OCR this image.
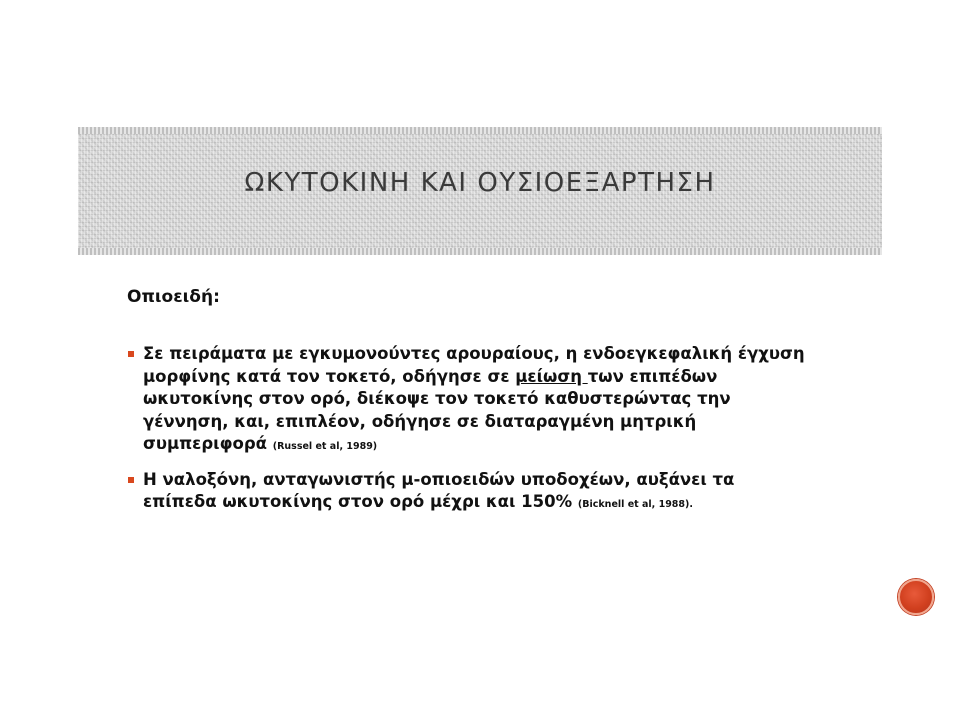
ΩΚΥΤΟΚΙΝΗ ΚΑΙ ΟΥΣΙΟΕΞΑΡΤΗΣΗ

Οπιοειδή:

Σε πειράματα με εγκυμονούντες αρουραίους, η ενδοεγκεφαλική έγχυση μορφίνης κατά τον τοκετό, οδήγησε σε μείωση των επιπέδων ωκυτοκίνης στον ορό, διέκοψε τον τοκετό καθυστερώντας την γέννηση, και, επιπλέον, οδήγησε σε διαταραγμένη μητρική συμπεριφορά (Russel et al, 1989)
Η ναλοξόνη, ανταγωνιστής μ-οπιοειδών υποδοχέων, αυξάνει τα επίπεδα ωκυτοκίνης στον ορό μέχρι και 150% (Bicknell et al, 1988).
